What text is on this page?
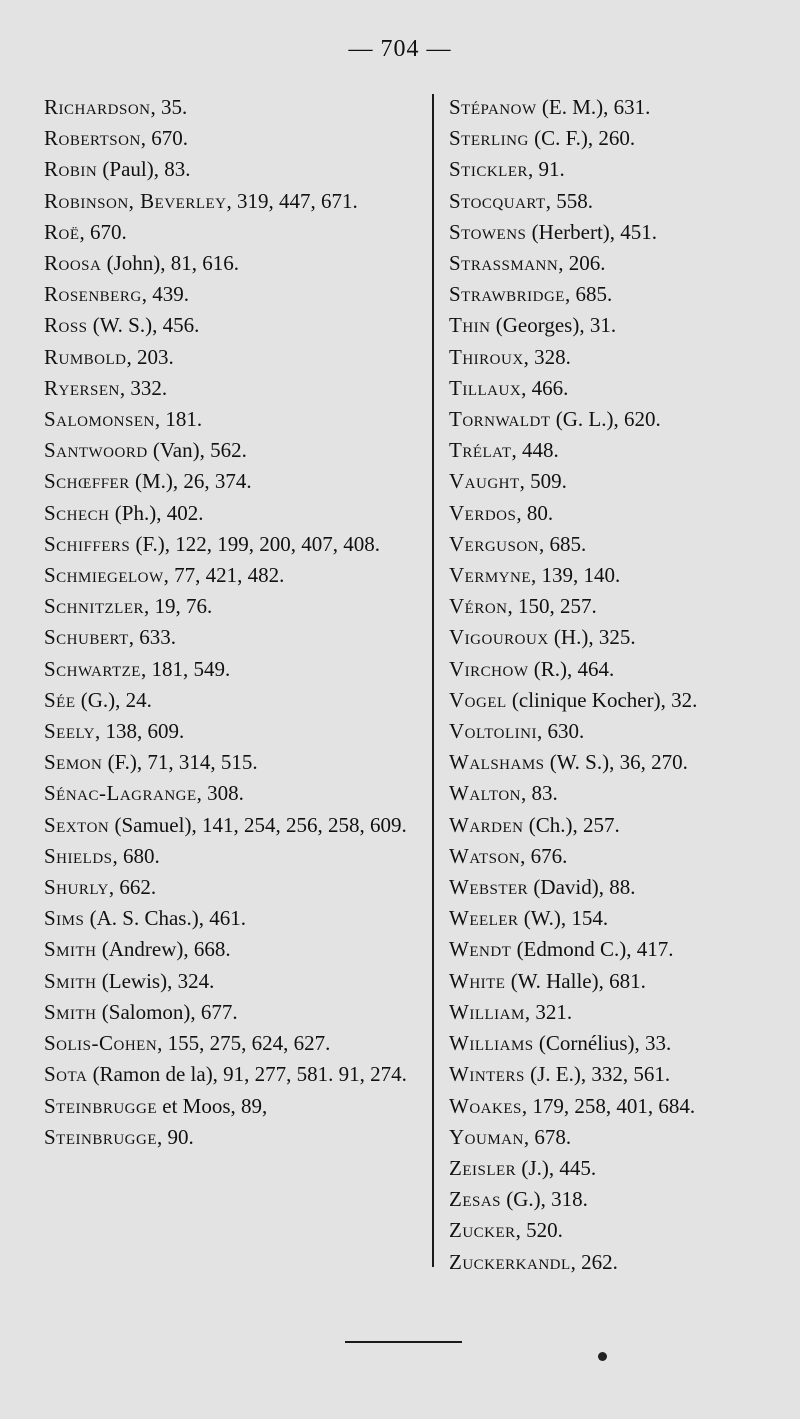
— 704 —
Richardson, 35.
Robertson, 670.
Robin (Paul), 83.
Robinson, Beverley, 319, 447, 671.
Roë, 670.
Roosa (John), 81, 616.
Rosenberg, 439.
Ross (W. S.), 456.
Rumbold, 203.
Ryersen, 332.
Salomonsen, 181.
Santwoord (Van), 562.
Schœffer (M.), 26, 374.
Schech (Ph.), 402.
Schiffers (F.), 122, 199, 200, 407, 408.
Schmiegelow, 77, 421, 482.
Schnitzler, 19, 76.
Schubert, 633.
Schwartze, 181, 549.
Sée (G.), 24.
Seely, 138, 609.
Semon (F.), 71, 314, 515.
Sénac-Lagrange, 308.
Sexton (Samuel), 141, 254, 256, 258, 609.
Shields, 680.
Shurly, 662.
Sims (A. S. Chas.), 461.
Smith (Andrew), 668.
Smith (Lewis), 324.
Smith (Salomon), 677.
Solis-Cohen, 155, 275, 624, 627.
Sota (Ramon de la), 91, 277, 581. 91, 274.
Steinbrugge et Moos, 89,
Steinbrugge, 90.
Stépanow (E. M.), 631.
Sterling (C. F.), 260.
Stickler, 91.
Stocquart, 558.
Stowens (Herbert), 451.
Strassmann, 206.
Strawbridge, 685.
Thin (Georges), 31.
Thiroux, 328.
Tillaux, 466.
Tornwaldt (G. L.), 620.
Trélat, 448.
Vaught, 509.
Verdos, 80.
Verguson, 685.
Vermyne, 139, 140.
Véron, 150, 257.
Vigouroux (H.), 325.
Virchow (R.), 464.
Vogel (clinique Kocher), 32.
Voltolini, 630.
Walshams (W. S.), 36, 270.
Walton, 83.
Warden (Ch.), 257.
Watson, 676.
Webster (David), 88.
Weeler (W.), 154.
Wendt (Edmond C.), 417.
White (W. Halle), 681.
William, 321.
Williams (Cornélius), 33.
Winters (J. E.), 332, 561.
Woakes, 179, 258, 401, 684.
Youman, 678.
Zeisler (J.), 445.
Zesas (G.), 318.
Zucker, 520.
Zuckerkandl, 262.
